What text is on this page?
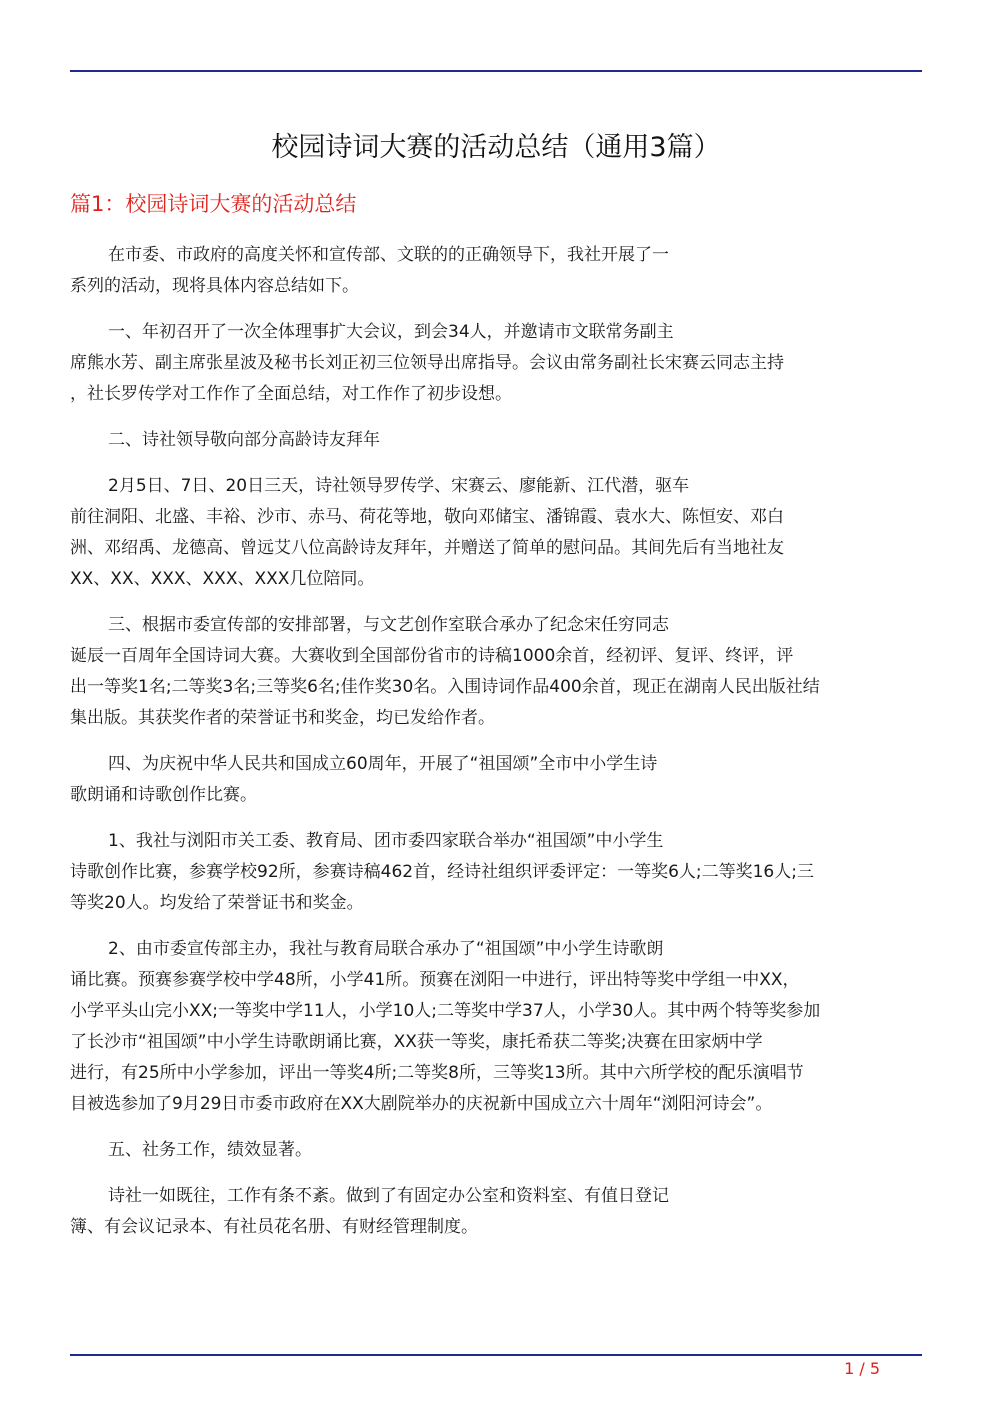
校园诗词大赛的活动总结（通用3篇）
篇1：校园诗词大赛的活动总结

在市委、市政府的高度关怀和宣传部、文联的的正确领导下，我社开展了一
系列的活动，现将具体内容总结如下。

一、年初召开了一次全体理事扩大会议，到会34人，并邀请市文联常务副主
席熊水芳、副主席张星波及秘书长刘正初三位领导出席指导。会议由常务副社长宋赛云同志主持
，社长罗传学对工作作了全面总结，对工作作了初步设想。

二、诗社领导敬向部分高龄诗友拜年

2月5日、7日、20日三天，诗社领导罗传学、宋赛云、廖能新、江代潜，驱车
前往洞阳、北盛、丰裕、沙市、赤马、荷花等地，敬向邓储宝、潘锦霞、袁水大、陈恒安、邓白
洲、邓绍禹、龙德高、曾远艾八位高龄诗友拜年，并赠送了简单的慰问品。其间先后有当地社友
XX、XX、XXX、XXX、XXX几位陪同。

三、根据市委宣传部的安排部署，与文艺创作室联合承办了纪念宋任穷同志
诞辰一百周年全国诗词大赛。大赛收到全国部份省市的诗稿1000余首，经初评、复评、终评，评
出一等奖1名;二等奖3名;三等奖6名;佳作奖30名。入围诗词作品400余首，现正在湖南人民出版社结
集出版。其获奖作者的荣誉证书和奖金，均已发给作者。

四、为庆祝中华人民共和国成立60周年，开展了“祖国颂”全市中小学生诗
歌朗诵和诗歌创作比赛。

1、我社与浏阳市关工委、教育局、团市委四家联合举办“祖国颂”中小学生
诗歌创作比赛，参赛学校92所，参赛诗稿462首，经诗社组织评委评定：一等奖6人;二等奖16人;三
等奖20人。均发给了荣誉证书和奖金。

2、由市委宣传部主办，我社与教育局联合承办了“祖国颂”中小学生诗歌朗
诵比赛。预赛参赛学校中学48所，小学41所。预赛在浏阳一中进行，评出特等奖中学组一中XX，
小学平头山完小XX;一等奖中学11人，小学10人;二等奖中学37人，小学30人。其中两个特等奖参加
了长沙市“祖国颂”中小学生诗歌朗诵比赛，XX获一等奖，康托希获二等奖;决赛在田家炳中学
进行，有25所中小学参加，评出一等奖4所;二等奖8所，三等奖13所。其中六所学校的配乐演唱节
目被选参加了9月29日市委市政府在XX大剧院举办的庆祝新中国成立六十周年“浏阳河诗会”。

五、社务工作，绩效显著。

诗社一如既往，工作有条不紊。做到了有固定办公室和资料室、有值日登记
簿、有会议记录本、有社员花名册、有财经管理制度。

1 / 5
